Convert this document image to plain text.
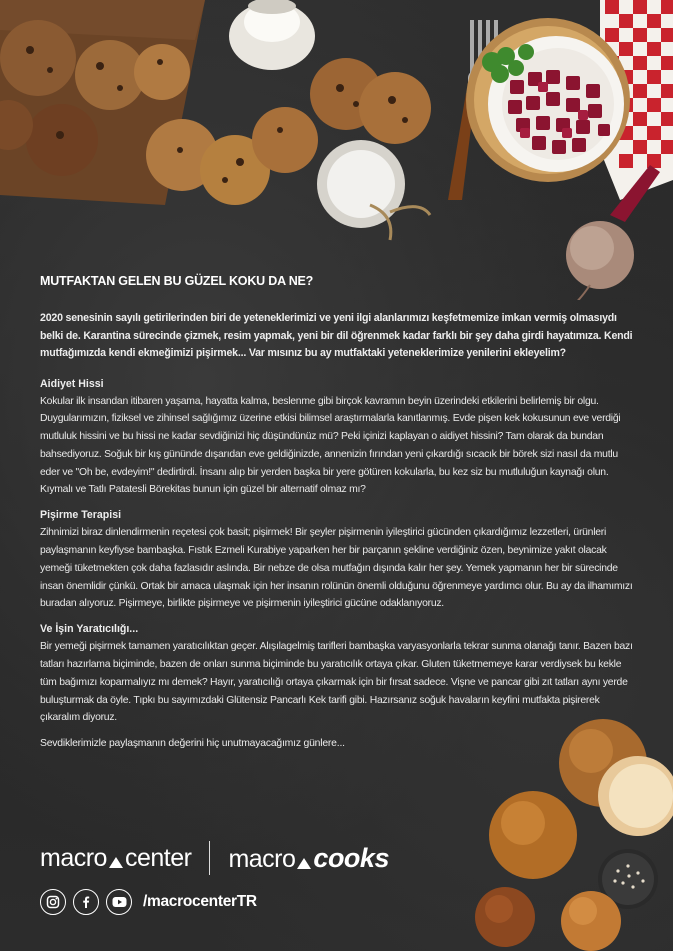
MUTFAKTAN GELEN BU GÜZEL KOKU DA NE?

2020 senesinin sayılı getirilerinden biri de yeteneklerimizi ve yeni ilgi alanlarımızı keşfetmemize imkan vermiş olmasıydı belki de. Karantina sürecinde çizmek, resim yapmak, yeni bir dil öğrenmek kadar farklı bir şey daha girdi hayatımıza. Kendi mutfağımızda kendi ekmeğimizi pişirmek... Var mısınız bu ay mutfaktaki yeteneklerimize yenilerini ekleyelim?

Aidiyet Hissi

Kokular ilk insandan itibaren yaşama, hayatta kalma, beslenme gibi birçok kavramın beyin üzerindeki etkilerini belirlemiş bir olgu. Duygularımızın, fiziksel ve zihinsel sağlığımız üzerine etkisi bilimsel araştırmalarla kanıtlanmış. Evde pişen kek kokusunun eve verdiği mutluluk hissini ve bu hissi ne kadar sevdiğinizi hiç düşündünüz mü? Peki içinizi kaplayan o aidiyet hissini? Tam olarak da bundan bahsediyoruz. Soğuk bir kış gününde dışarıdan eve geldiğinizde, annenizin fırından yeni çıkardığı sıcacık bir börek sizi nasıl da mutlu eder ve "Oh be, evdeyim!" dedirtirdi. İnsanı alıp bir yerden başka bir yere götüren kokularla, bu kez siz bu mutluluğun kaynağı olun. Kıymalı ve Tatlı Patatesli Börekitas bunun için güzel bir alternatif olmaz mı?

Pişirme Terapisi

Zihnimizi biraz dinlendirmenin reçetesi çok basit; pişirmek! Bir şeyler pişirmenin iyileştirici gücünden çıkardığımız lezzetleri, ürünleri paylaşmanın keyfiyse bambaşka. Fıstık Ezmeli Kurabiye yaparken her bir parçanın şekline verdiğiniz özen, beynimize yakıt olacak yemeği tüketmekten çok daha fazlasıdır aslında. Bir nebze de olsa mutfağın dışında kalır her şey. Yemek yapmanın her bir sürecinde insan önemlidir çünkü. Ortak bir amaca ulaşmak için her insanın rolünün önemli olduğunu öğrenmeye yardımcı olur. Bu ay da ilhamımızı buradan alıyoruz. Pişirmeye, birlikte pişirmeye ve pişirmenin iyileştirici gücüne odaklanıyoruz.

Ve İşin Yaratıcılığı...

Bir yemeği pişirmek tamamen yaratıcılıktan geçer. Alışılagelmiş tarifleri bambaşka varyasyonlarla tekrar sunma olanağı tanır. Bazen bazı tatları hazırlama biçiminde, bazen de onları sunma biçiminde bu yaratıcılık ortaya çıkar. Gluten tüketmemeye karar verdiysek bu kekle tüm bağımızı koparmalıyız mı demek? Hayır, yaratıcılığı ortaya çıkarmak için bir fırsat sadece. Vişne ve pancar gibi zıt tatları aynı yerde buluşturmak da öyle. Tıpkı bu sayımızdaki Glütensiz Pancarlı Kek tarifi gibi. Hazırsanız soğuk havaların keyfini mutfakta pişirerek çıkaralım diyoruz.

Sevdiklerimizle paylaşmanın değerini hiç unutmayacağımız günlere...

macro center macro cooks
/macrocenterTR
